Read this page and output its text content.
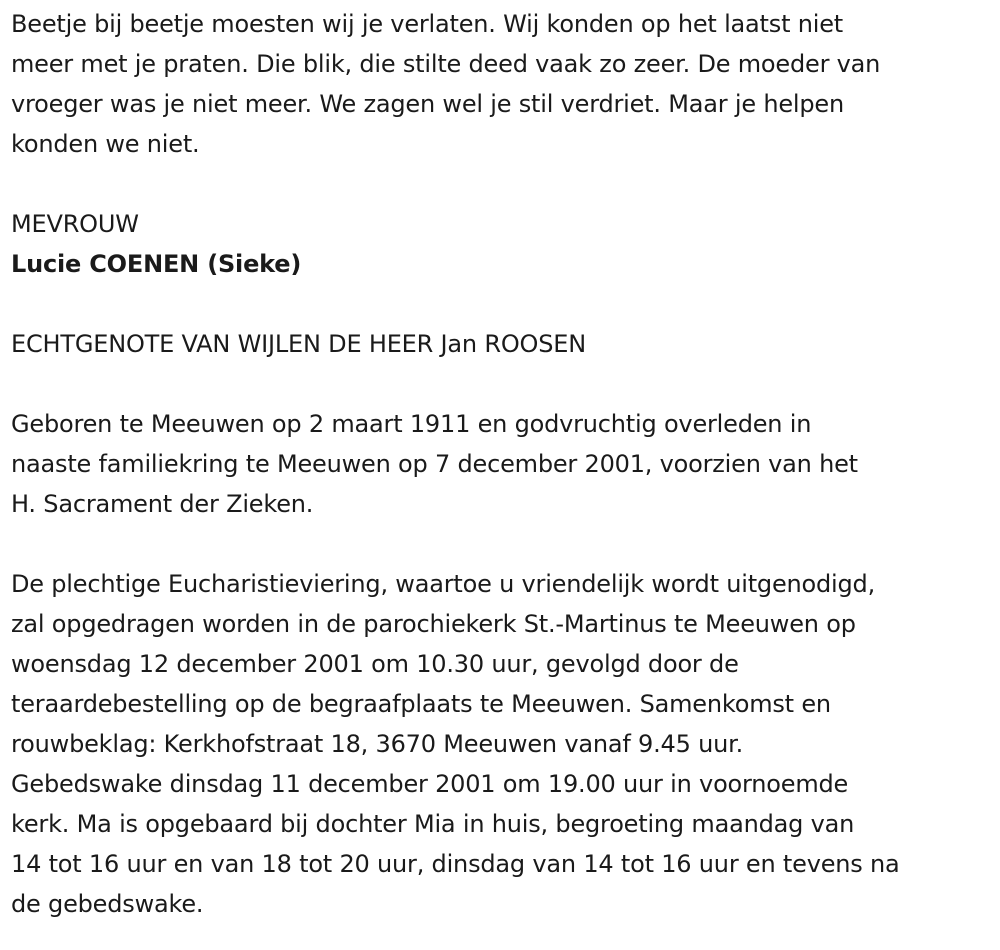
Beetje bij beetje moesten wij je verlaten. Wij konden op het laatst niet
meer met je praten. Die blik, die stilte deed vaak zo zeer. De moeder van
vroeger was je niet meer. We zagen wel je stil verdriet. Maar je helpen
konden we niet.

MEVROUW
Lucie COENEN (Sieke)

ECHTGENOTE VAN WIJLEN DE HEER Jan ROOSEN

Geboren te Meeuwen op 2 maart 1911 en godvruchtig overleden in
naaste familiekring te Meeuwen op 7 december 2001, voorzien van het
H. Sacrament der Zieken.

De plechtige Eucharistieviering, waartoe u vriendelijk wordt uitgenodigd,
zal opgedragen worden in de parochiekerk St.-Martinus te Meeuwen op
woensdag 12 december 2001 om 10.30 uur, gevolgd door de
teraardebestelling op de begraafplaats te Meeuwen. Samenkomst en
rouwbeklag: Kerkhofstraat 18, 3670 Meeuwen vanaf 9.45 uur.
Gebedswake dinsdag 11 december 2001 om 19.00 uur in voornoemde
kerk. Ma is opgebaard bij dochter Mia in huis, begroeting maandag van
14 tot 16 uur en van 18 tot 20 uur, dinsdag van 14 tot 16 uur en tevens na
de gebedswake.
